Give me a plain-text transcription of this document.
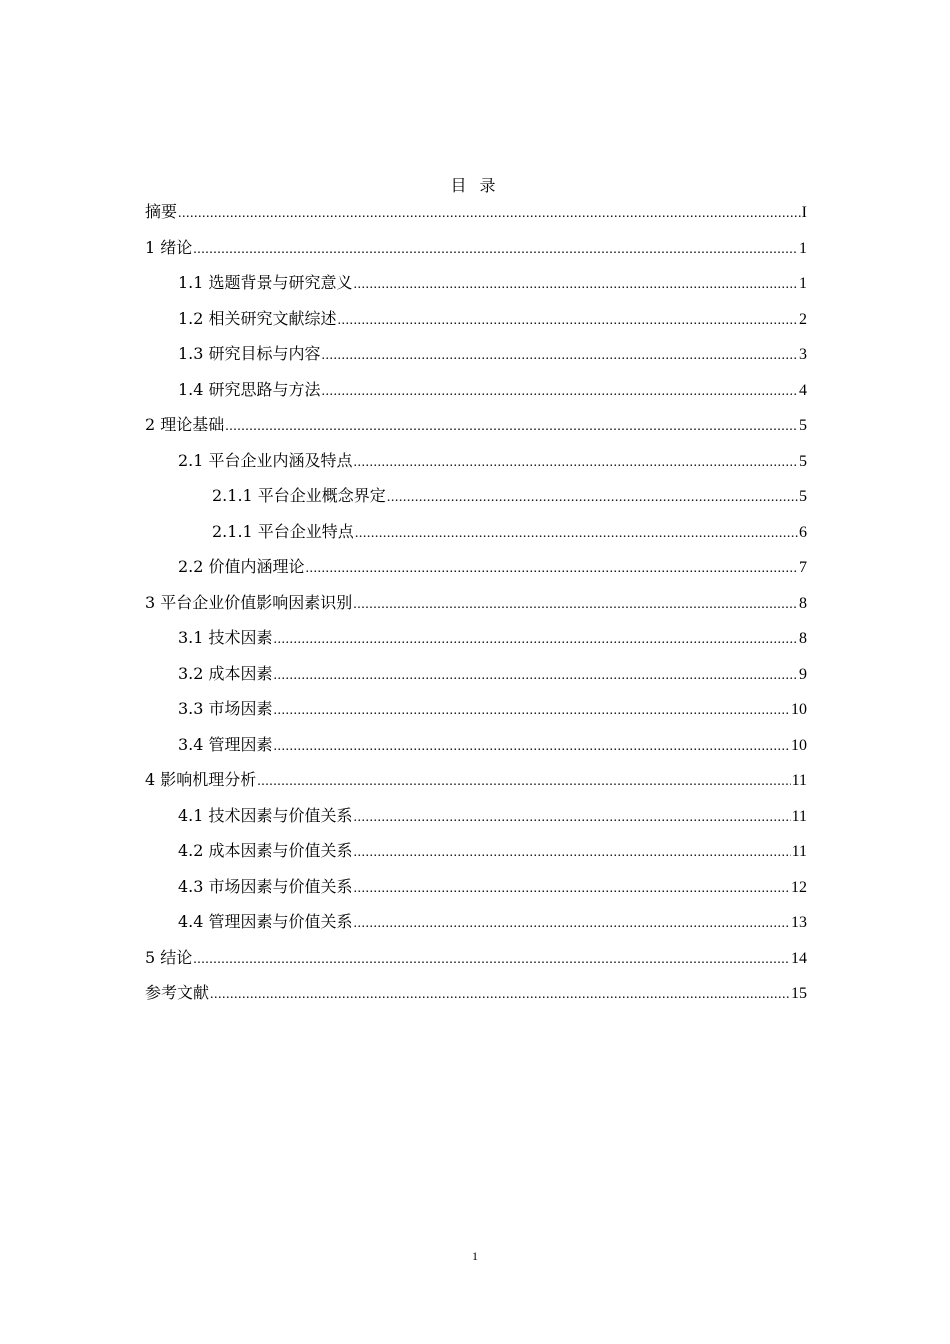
目 录
摘要 .....	I
1 绪论 .....	1
1.1 选题背景与研究意义 .....	1
1.2 相关研究文献综述 .....	2
1.3 研究目标与内容 .....	3
1.4 研究思路与方法 .....	4
2 理论基础 .....	5
2.1 平台企业内涵及特点 .....	5
2.1.1 平台企业概念界定 .....	5
2.1.1 平台企业特点 .....	6
2.2 价值内涵理论 .....	7
3 平台企业价值影响因素识别 .....	8
3.1 技术因素 .....	8
3.2 成本因素 .....	9
3.3 市场因素 .....	10
3.4 管理因素 .....	10
4 影响机理分析 .....	11
4.1 技术因素与价值关系 .....	11
4.2 成本因素与价值关系 .....	11
4.3 市场因素与价值关系 .....	12
4.4 管理因素与价值关系 .....	13
5 结论 .....	14
参考文献 .....	15
1
